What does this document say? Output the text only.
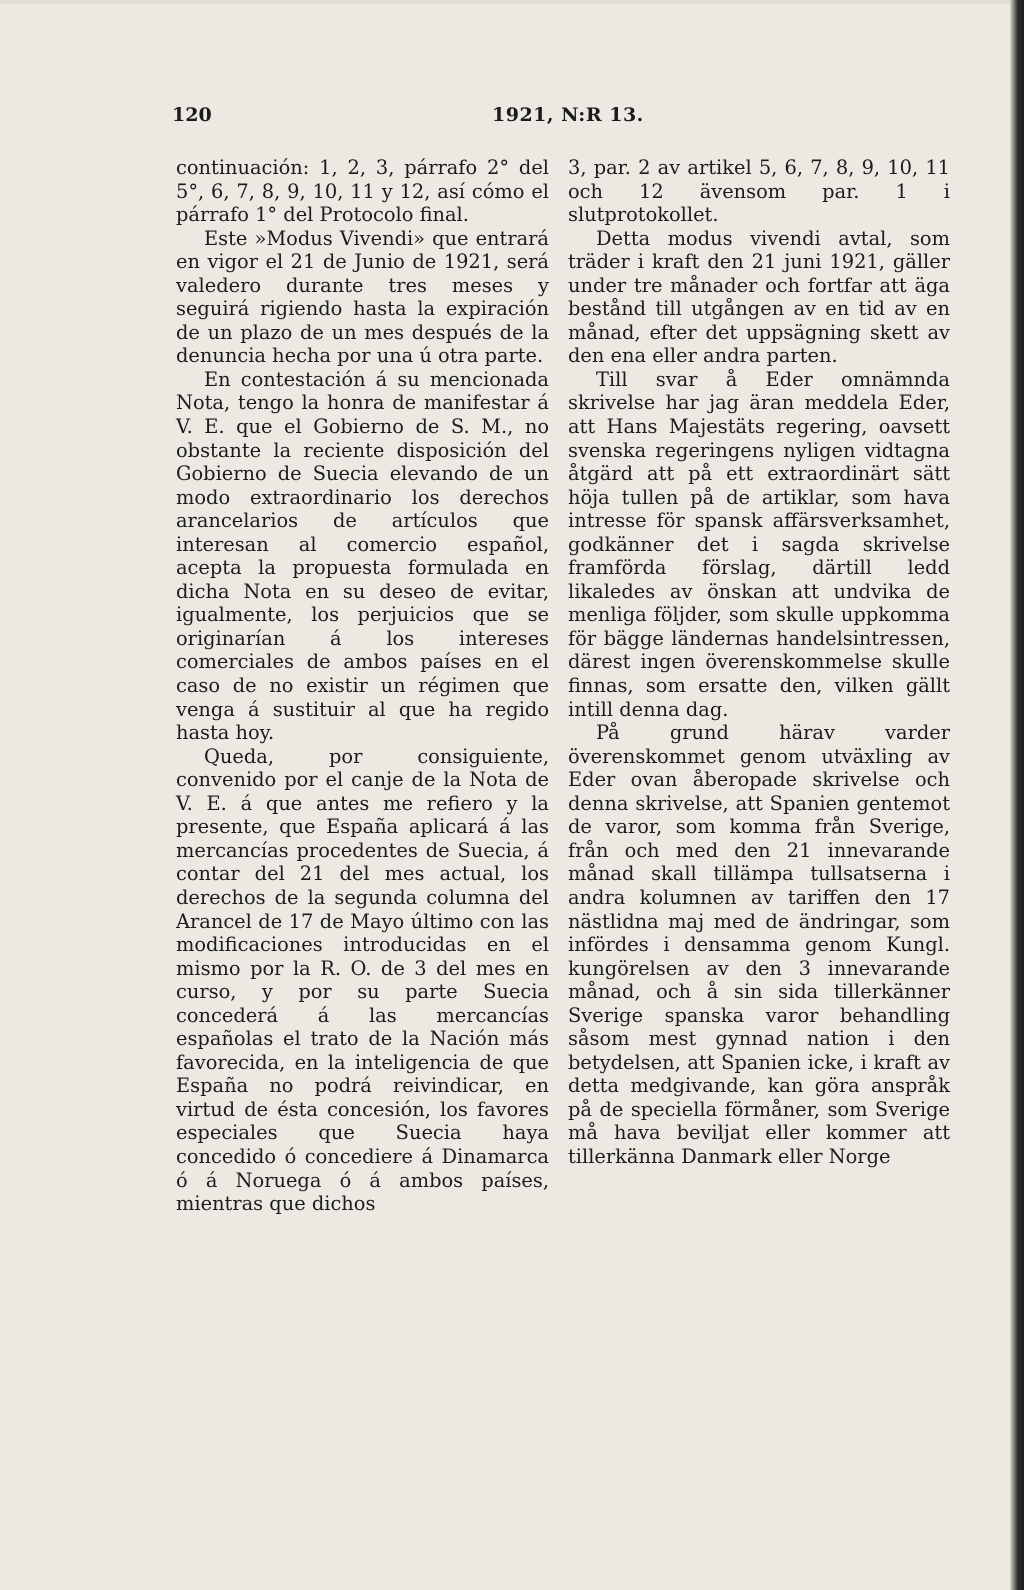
120	1921, N:R 13.

continuación: 1, 2, 3, párrafo 2° del 5°, 6, 7, 8, 9, 10, 11 y 12, así cómo el párrafo 1° del Protocolo final.

Este »Modus Vivendi» que entrará en vigor el 21 de Junio de 1921, será valedero durante tres meses y seguirá rigiendo hasta la expiración de un plazo de un mes después de la denuncia hecha por una ú otra parte.

En contestación á su mencionada Nota, tengo la honra de manifestar á V. E. que el Gobierno de S. M., no obstante la reciente disposición del Gobierno de Suecia elevando de un modo extraordinario los derechos arancelarios de artículos que interesan al comercio español, acepta la propuesta formulada en dicha Nota en su deseo de evitar, igualmente, los perjuicios que se originarían á los intereses comerciales de ambos países en el caso de no existir un régimen que venga á sustituir al que ha regido hasta hoy.

Queda, por consiguiente, convenido por el canje de la Nota de V. E. á que antes me refiero y la presente, que España aplicará á las mercancías procedentes de Suecia, á contar del 21 del mes actual, los derechos de la segunda columna del Arancel de 17 de Mayo último con las modificaciones introducidas en el mismo por la R. O. de 3 del mes en curso, y por su parte Suecia concederá á las mercancías españolas el trato de la Nación más favorecida, en la inteligencia de que España no podrá reivindicar, en virtud de ésta concesión, los favores especiales que Suecia haya concedido ó concediere á Dinamarca ó á Noruega ó á ambos países, mientras que dichos

3, par. 2 av artikel 5, 6, 7, 8, 9, 10, 11 och 12 ävensom par. 1 i slutprotokollet.

Detta modus vivendi avtal, som träder i kraft den 21 juni 1921, gäller under tre månader och fortfar att äga bestånd till utgången av en tid av en månad, efter det uppsägning skett av den ena eller andra parten.

Till svar å Eder omnämnda skrivelse har jag äran meddela Eder, att Hans Majestäts regering, oavsett svenska regeringens nyligen vidtagna åtgärd att på ett extraordinärt sätt höja tullen på de artiklar, som hava intresse för spansk affärsverksamhet, godkänner det i sagda skrivelse framförda förslag, därtill ledd likaledes av önskan att undvika de menliga följder, som skulle uppkomma för bägge ländernas handelsintressen, därest ingen överenskommelse skulle finnas, som ersatte den, vilken gällt intill denna dag.

På grund härav varder överenskommet genom utväxling av Eder ovan åberopade skrivelse och denna skrivelse, att Spanien gentemot de varor, som komma från Sverige, från och med den 21 innevarande månad skall tillämpa tullsatserna i andra kolumnen av tariffen den 17 nästlidna maj med de ändringar, som infördes i densamma genom Kungl. kungörelsen av den 3 innevarande månad, och å sin sida tillerkänner Sverige spanska varor behandling såsom mest gynnad nation i den betydelsen, att Spanien icke, i kraft av detta medgivande, kan göra anspråk på de speciella förmåner, som Sverige må hava beviljat eller kommer att tillerkänna Danmark eller Norge
